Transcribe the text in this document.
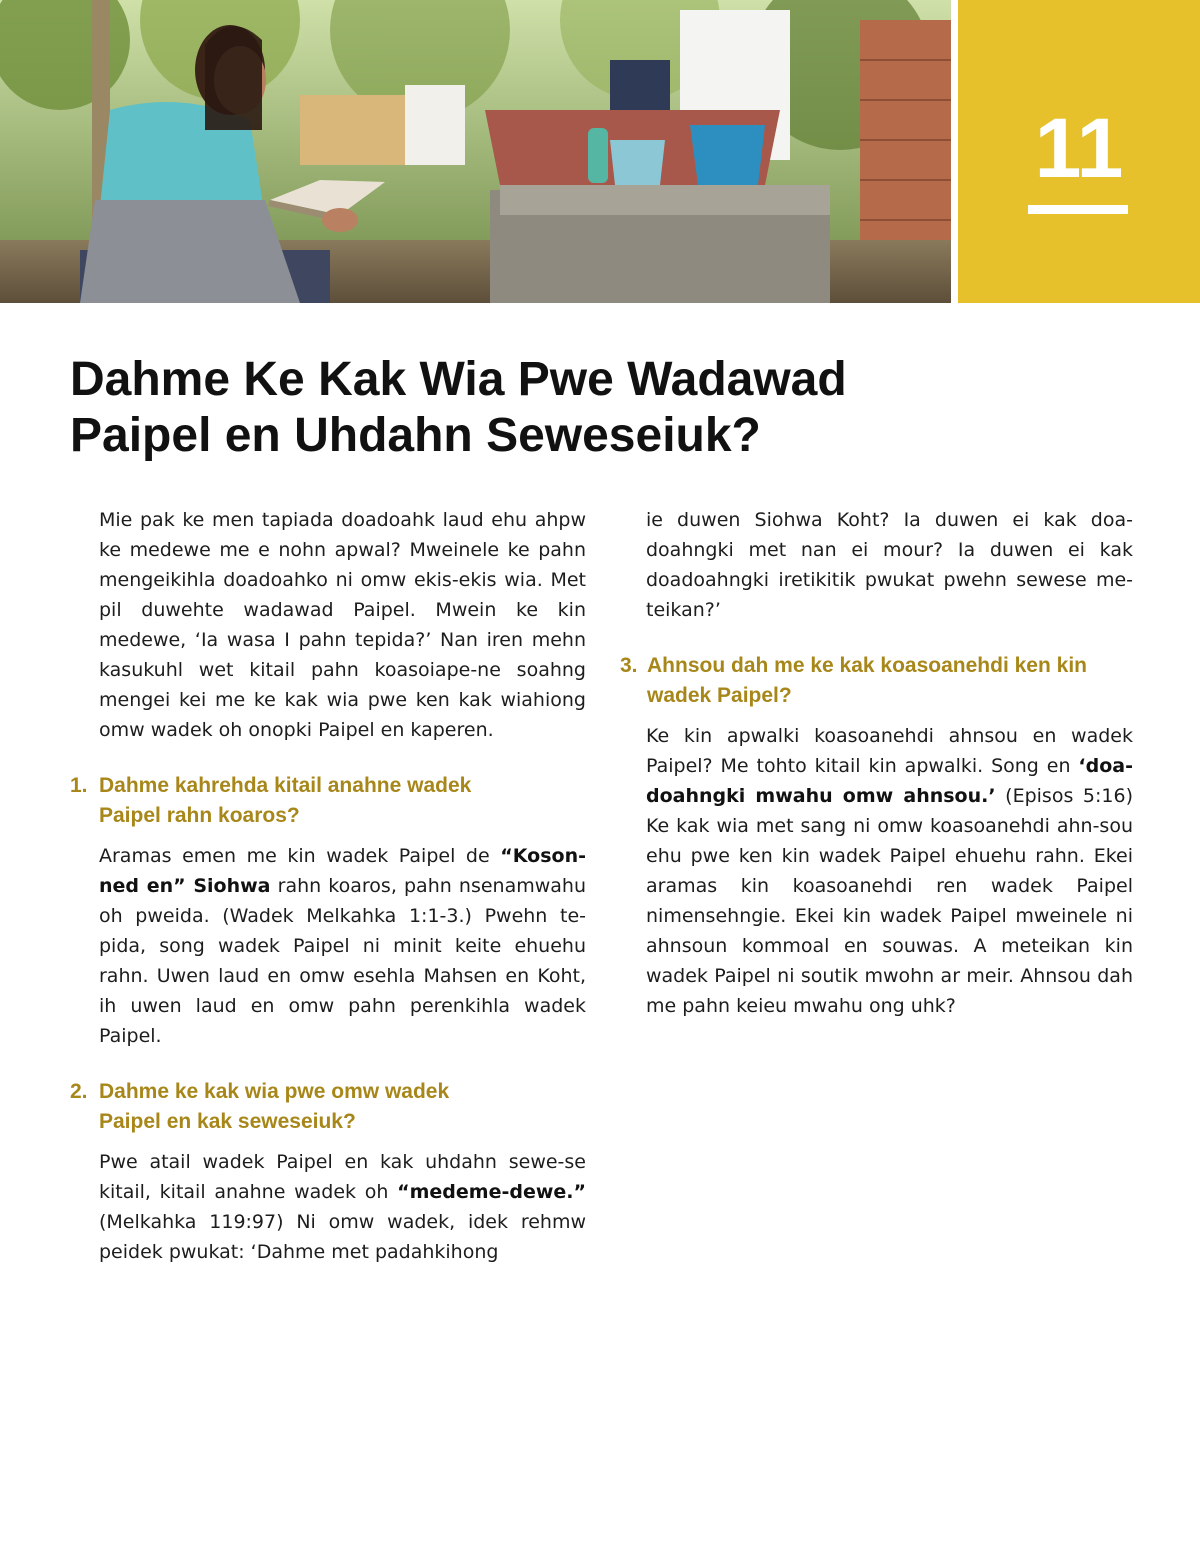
11
Dahme Ke Kak Wia Pwe Wadawad
Paipel en Uhdahn Seweseiuk?

Mie pak ke men tapiada doadoahk laud ehu ahpw ke medewe me e nohn apwal? Mweinele ke pahn mengeikihla doadoahko ni omw ekis-ekis wia. Met pil duwehte wadawad Paipel. Mwein ke kin medewe, ‘Ia wasa I pahn tepida?’ Nan iren mehn kasukuhl wet kitail pahn koasoiape-ne soahng mengei kei me ke kak wia pwe ken kak wiahiong omw wadek oh onopki Paipel en kaperen.

1. Dahme kahrehda kitail anahne wadek
Paipel rahn koaros?

Aramas emen me kin wadek Paipel de “Koson-ned en” Siohwa rahn koaros, pahn nsenamwahu oh pweida. (Wadek Melkahka 1:1-3.) Pwehn te-pida, song wadek Paipel ni minit keite ehuehu rahn. Uwen laud en omw esehla Mahsen en Koht, ih uwen laud en omw pahn perenkihla wadek Paipel.

2. Dahme ke kak wia pwe omw wadek
Paipel en kak seweseiuk?

Pwe atail wadek Paipel en kak uhdahn sewe-se kitail, kitail anahne wadek oh “medeme-dewe.” (Melkahka 119:97) Ni omw wadek, idek rehmw peidek pwukat: ‘Dahme met padahkihong

ie duwen Siohwa Koht? Ia duwen ei kak doa-doahngki met nan ei mour? Ia duwen ei kak doadoahngki iretikitik pwukat pwehn sewese me-teikan?’

3. Ahnsou dah me ke kak koasoanehdi ken kin
wadek Paipel?

Ke kin apwalki koasoanehdi ahnsou en wadek Paipel? Me tohto kitail kin apwalki. Song en ‘doa-doahngki mwahu omw ahnsou.’ (Episos 5:16) Ke kak wia met sang ni omw koasoanehdi ahn-sou ehu pwe ken kin wadek Paipel ehuehu rahn. Ekei aramas kin koasoanehdi ren wadek Paipel nimensehngie. Ekei kin wadek Paipel mweinele ni ahnsoun kommoal en souwas. A meteikan kin wadek Paipel ni soutik mwohn ar meir. Ahnsou dah me pahn keieu mwahu ong uhk?
